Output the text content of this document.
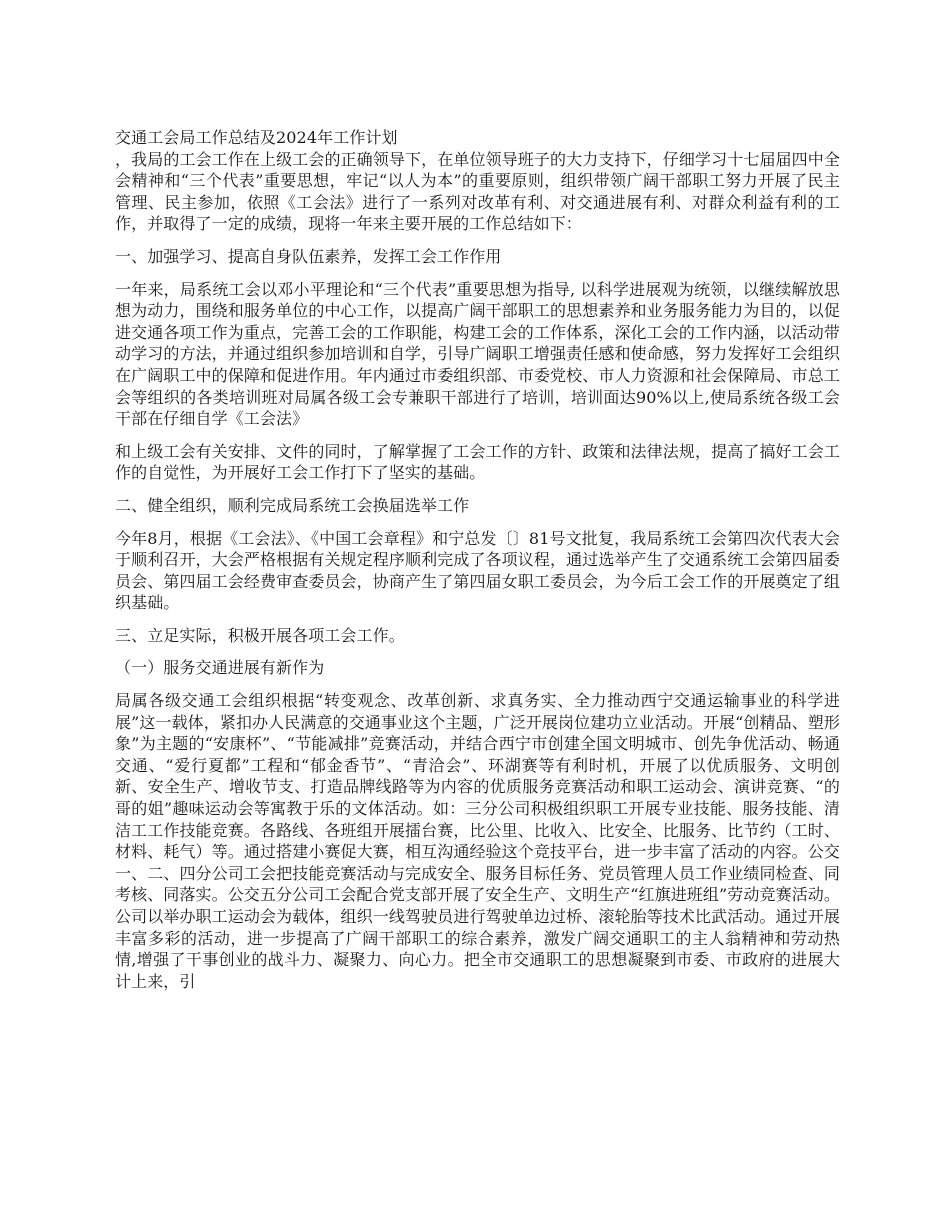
交通工会局工作总结及2024年工作计划

，我局的工会工作在上级工会的正确领导下，在单位领导班子的大力支持下，仔细学习十七届届四中全会精神和“三个代表”重要思想，牢记“以人为本”的重要原则，组织带领广阔干部职工努力开展了民主管理、民主参加，依照《工会法》进行了一系列对改革有利、对交通进展有利、对群众利益有利的工作，并取得了一定的成绩，现将一年来主要开展的工作总结如下：

一、加强学习、提高自身队伍素养，发挥工会工作作用

一年来，局系统工会以邓小平理论和“三个代表”重要思想为指导, 以科学进展观为统领，以继续解放思想为动力，围绕和服务单位的中心工作，以提高广阔干部职工的思想素养和业务服务能力为目的，以促进交通各项工作为重点，完善工会的工作职能，构建工会的工作体系，深化工会的工作内涵，以活动带动学习的方法，并通过组织参加培训和自学，引导广阔职工增强责任感和使命感，努力发挥好工会组织在广阔职工中的保障和促进作用。年内通过市委组织部、市委党校、市人力资源和社会保障局、市总工会等组织的各类培训班对局属各级工会专兼职干部进行了培训，培训面达90%以上,使局系统各级工会干部在仔细自学《工会法》

和上级工会有关安排、文件的同时，了解掌握了工会工作的方针、政策和法律法规，提高了搞好工会工作的自觉性，为开展好工会工作打下了坚实的基础。

二、健全组织，顺利完成局系统工会换届选举工作

今年8月，根据《工会法》、《中国工会章程》和宁总发〔〕81号文批复，我局系统工会第四次代表大会于顺利召开，大会严格根据有关规定程序顺利完成了各项议程，通过选举产生了交通系统工会第四届委员会、第四届工会经费审查委员会，协商产生了第四届女职工委员会，为今后工会工作的开展奠定了组织基础。

三、立足实际，积极开展各项工会工作。

（一）服务交通进展有新作为

局属各级交通工会组织根据“转变观念、改革创新、求真务实、全力推动西宁交通运输事业的科学进展”这一载体，紧扣办人民满意的交通事业这个主题，广泛开展岗位建功立业活动。开展“创精品、塑形象”为主题的“安康杯”、“节能减排”竞赛活动，并结合西宁市创建全国文明城市、创先争优活动、畅通交通、“爱行夏都”工程和“郁金香节”、“青洽会”、环湖赛等有利时机，开展了以优质服务、文明创新、安全生产、增收节支、打造品牌线路等为内容的优质服务竞赛活动和职工运动会、演讲竞赛、“的哥的姐”趣味运动会等寓教于乐的文体活动。如：三分公司积极组织职工开展专业技能、服务技能、清洁工工作技能竞赛。各路线、各班组开展擂台赛，比公里、比收入、比安全、比服务、比节约（工时、材料、耗气）等。通过搭建小赛促大赛，相互沟通经验这个竞技平台，进一步丰富了活动的内容。公交一、二、四分公司工会把技能竞赛活动与完成安全、服务目标任务、党员管理人员工作业绩同检查、同考核、同落实。公交五分公司工会配合党支部开展了安全生产、文明生产“红旗进班组”劳动竞赛活动。公司以举办职工运动会为载体，组织一线驾驶员进行驾驶单边过桥、滚轮胎等技术比武活动。通过开展丰富多彩的活动，进一步提高了广阔干部职工的综合素养，激发广阔交通职工的主人翁精神和劳动热情,增强了干事创业的战斗力、凝聚力、向心力。把全市交通职工的思想凝聚到市委、市政府的进展大计上来，引
